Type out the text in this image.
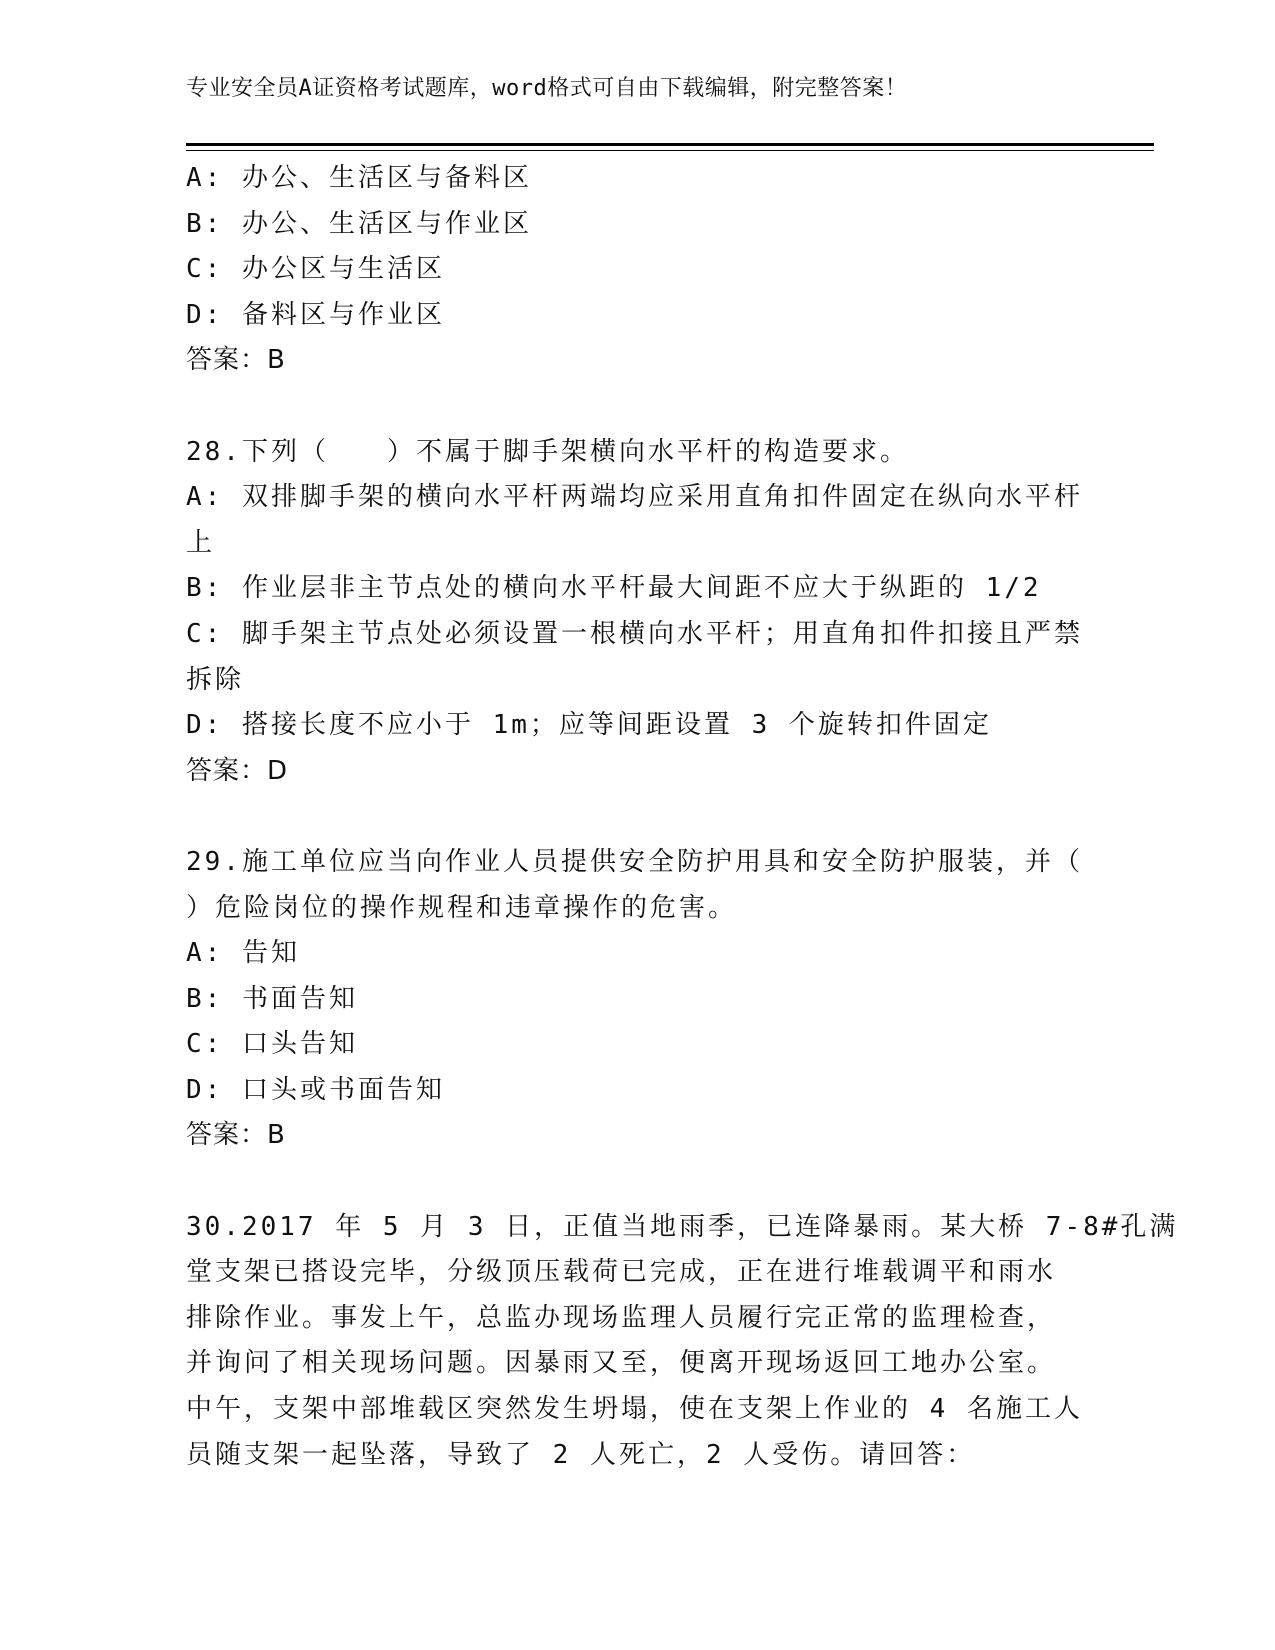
专业安全员A证资格考试题库，word格式可自由下载编辑，附完整答案！
A: 办公、生活区与备料区
B: 办公、生活区与作业区
C: 办公区与生活区
D: 备料区与作业区
答案：B
28.下列（　　）不属于脚手架横向水平杆的构造要求。
A: 双排脚手架的横向水平杆两端均应采用直角扣件固定在纵向水平杆
上
B: 作业层非主节点处的横向水平杆最大间距不应大于纵距的 1/2
C: 脚手架主节点处必须设置一根横向水平杆；用直角扣件扣接且严禁
拆除
D: 搭接长度不应小于 1m；应等间距设置 3 个旋转扣件固定
答案：D
29.施工单位应当向作业人员提供安全防护用具和安全防护服装，并（
）危险岗位的操作规程和违章操作的危害。
A: 告知
B: 书面告知
C: 口头告知
D: 口头或书面告知
答案：B
30.2017 年 5 月 3 日，正值当地雨季，已连降暴雨。某大桥 7-8#孔满
堂支架已搭设完毕，分级顶压载荷已完成，正在进行堆载调平和雨水
排除作业。事发上午，总监办现场监理人员履行完正常的监理检查，
并询问了相关现场问题。因暴雨又至，便离开现场返回工地办公室。
中午，支架中部堆载区突然发生坍塌，使在支架上作业的 4 名施工人
员随支架一起坠落，导致了 2 人死亡，2 人受伤。请回答：
